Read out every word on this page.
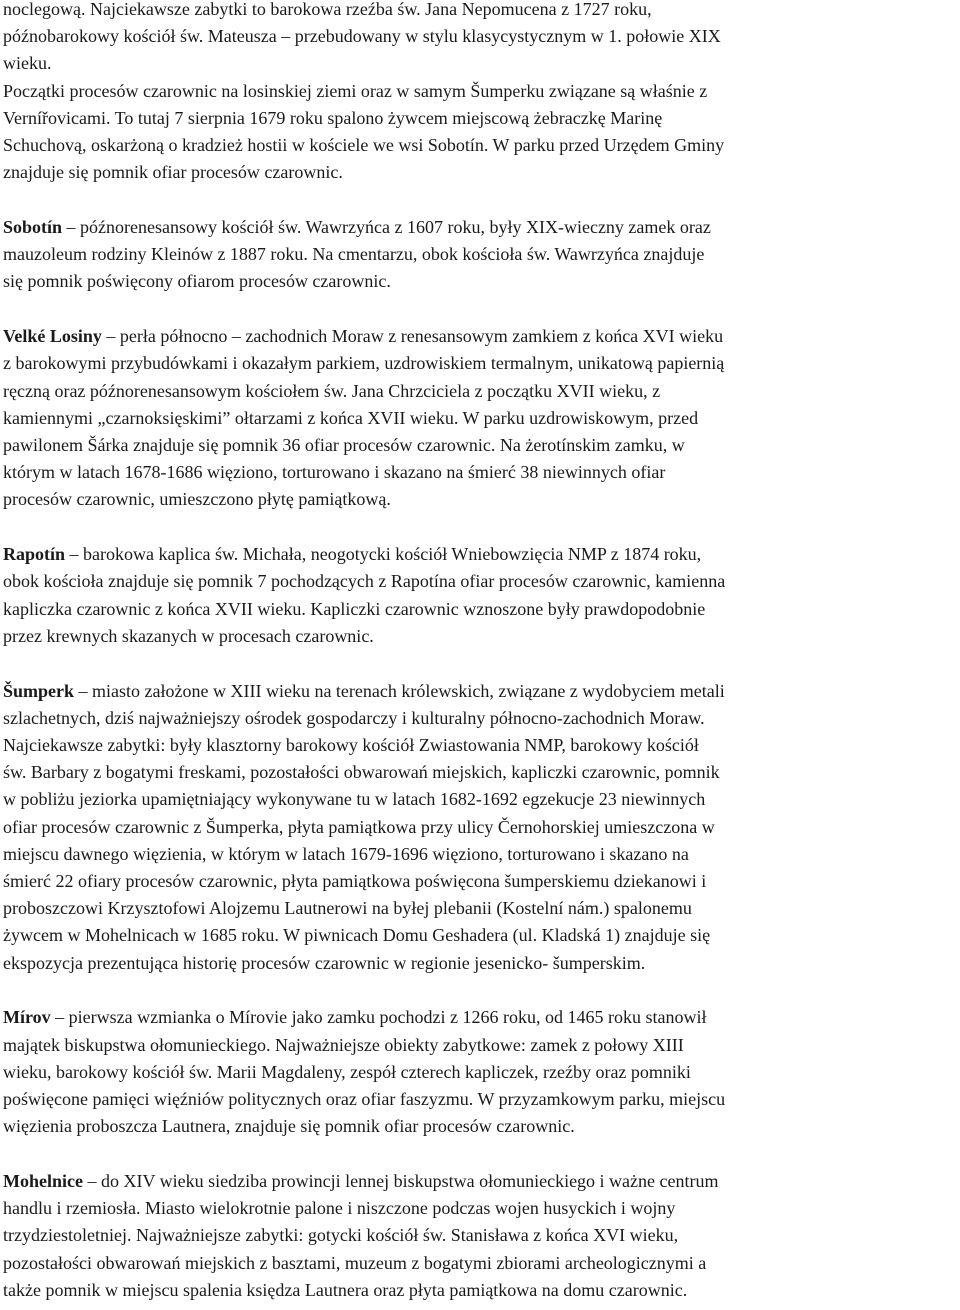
noclegową. Najciekawsze zabytki to barokowa rzeźba św. Jana Nepomucena z 1727 roku,
późnobarokowy kościół św. Mateusza – przebudowany w stylu klasycystycznym w 1. połowie XIX
wieku.
Początki procesów czarownic na losinskiej ziemi oraz w samym Šumperku związane są właśnie z
Vernířovicami. To tutaj 7 sierpnia 1679 roku spalono żywcem miejscową żebraczkę Marinę
Schuchovą, oskarżoną o kradzież hostii w kościele we wsi Sobotín. W parku przed Urzędem Gminy
znajduje się pomnik ofiar procesów czarownic.
Sobotín – późnorenesansowy kościół św. Wawrzyńca z 1607 roku, były XIX-wieczny zamek oraz
mauzoleum rodziny Kleinów z 1887 roku. Na cmentarzu, obok kościoła św. Wawrzyńca znajduje
się pomnik poświęcony ofiarom procesów czarownic.
Velké Losiny – perła północno – zachodnich Moraw z renesansowym zamkiem z końca XVI wieku
z barokowymi przybudówkami i okazałym parkiem, uzdrowiskiem termalnym, unikatową papiernią
ręczną oraz późnorenesansowym kościołem św. Jana Chrzciciela z początku XVII wieku, z
kamiennymi „czarnoksięskimi” ołtarzami z końca XVII wieku. W parku uzdrowiskowym, przed
pawilonem Šárka znajduje się pomnik 36 ofiar procesów czarownic. Na żerotínskim zamku, w
którym w latach 1678-1686 więziono, torturowano i skazano na śmierć 38 niewinnych ofiar
procesów czarownic, umieszczono płytę pamiątkową.
Rapotín – barokowa kaplica św. Michała, neogotycki kościół Wniebowzięcia NMP z 1874 roku,
obok kościoła znajduje się pomnik 7 pochodzących z Rapotína ofiar procesów czarownic, kamienna
kapliczka czarownic z końca XVII wieku. Kapliczki czarownic wznoszone były prawdopodobnie
przez krewnych skazanych w procesach czarownic.
Šumperk – miasto założone w XIII wieku na terenach królewskich, związane z wydobyciem metali
szlachetnych, dziś najważniejszy ośrodek gospodarczy i kulturalny północno-zachodnich Moraw.
Najciekawsze zabytki: były klasztorny barokowy kościół Zwiastowania NMP, barokowy kościół
św. Barbary z bogatymi freskami, pozostałości obwarowań miejskich, kapliczki czarownic, pomnik
w pobliżu jeziorka upamiętniający wykonywane tu w latach 1682-1692 egzekucje 23 niewinnych
ofiar procesów czarownic z Šumperka, płyta pamiątkowa przy ulicy Černohorskiej umieszczona w
miejscu dawnego więzienia, w którym w latach 1679-1696 więziono, torturowano i skazano na
śmierć 22 ofiary procesów czarownic, płyta pamiątkowa poświęcona šumperskiemu dziekanowi i
proboszczowi Krzysztofowi Alojzemu Lautnerowi na byłej plebanii (Kostelní nám.) spalonemu
żywcem w Mohelnicach w 1685 roku. W piwnicach Domu Geshadera (ul. Kladská 1) znajduje się
ekspozycja prezentująca historię procesów czarownic w regionie jesenicko- šumperskim.
Mírov – pierwsza wzmianka o Mírovie jako zamku pochodzi z 1266 roku, od 1465 roku stanowił
majątek biskupstwa ołomunieckiego. Najważniejsze obiekty zabytkowe: zamek z połowy XIII
wieku, barokowy kościół św. Marii Magdaleny, zespół czterech kapliczek, rzeźby oraz pomniki
poświęcone pamięci więźniów politycznych oraz ofiar faszyzmu. W przyzamkowym parku, miejscu
więzienia proboszcza Lautnera, znajduje się pomnik ofiar procesów czarownic.
Mohelnice – do XIV wieku siedziba prowincji lennej biskupstwa ołomunieckiego i ważne centrum
handlu i rzemiosła. Miasto wielokrotnie palone i niszczone podczas wojen husyckich i wojny
trzydziestoletniej. Najważniejsze zabytki: gotycki kościół św. Stanisława z końca XVI wieku,
pozostałości obwarowań miejskich z basztami, muzeum z bogatymi zbiorami archeologicznymi a
także pomnik w miejscu spalenia księdza Lautnera oraz płyta pamiątkowa na domu czarownic.
